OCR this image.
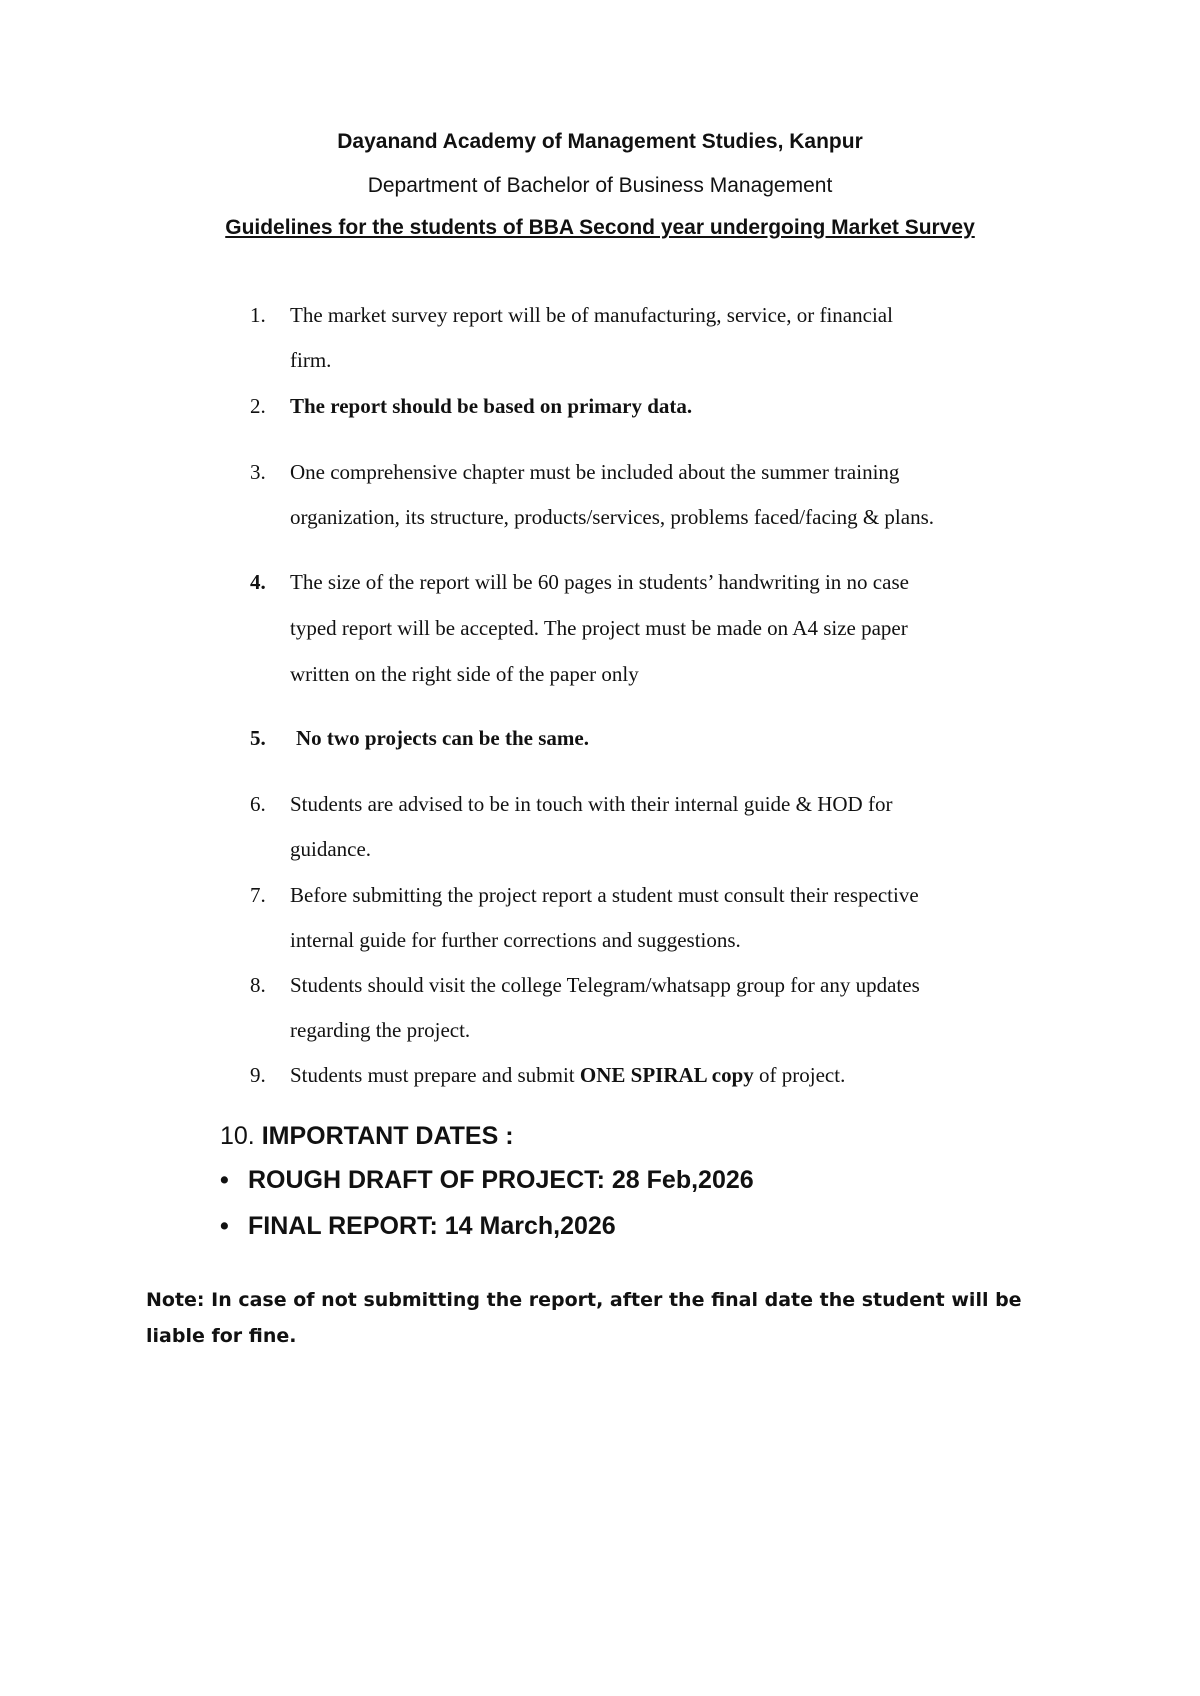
Dayanand Academy of Management Studies, Kanpur
Department of Bachelor of Business Management
Guidelines for the students of BBA Second year undergoing Market Survey
1.	The market survey report will be of manufacturing, service, or financial
firm.
2.	The report should be based on primary data.
3.	One comprehensive chapter must be included about the summer training
organization, its structure, products/services, problems faced/facing & plans.
4.	The size of the report will be 60 pages in students’ handwriting in no case
typed report will be accepted. The project must be made on A4 size paper
written on the right side of the paper only
5.	No two projects can be the same.
6.	Students are advised to be in touch with their internal guide & HOD for
guidance.
7.	Before submitting the project report a student must consult their respective
internal guide for further corrections and suggestions.
8.	Students should visit the college Telegram/whatsapp group for any updates
regarding the project.
9.	Students must prepare and submit ONE SPIRAL copy of project.
10. IMPORTANT DATES :
• ROUGH DRAFT OF PROJECT: 28 Feb,2026
• FINAL REPORT: 14 March,2026
Note: In case of not submitting the report, after the final date the student will be
liable for fine.
